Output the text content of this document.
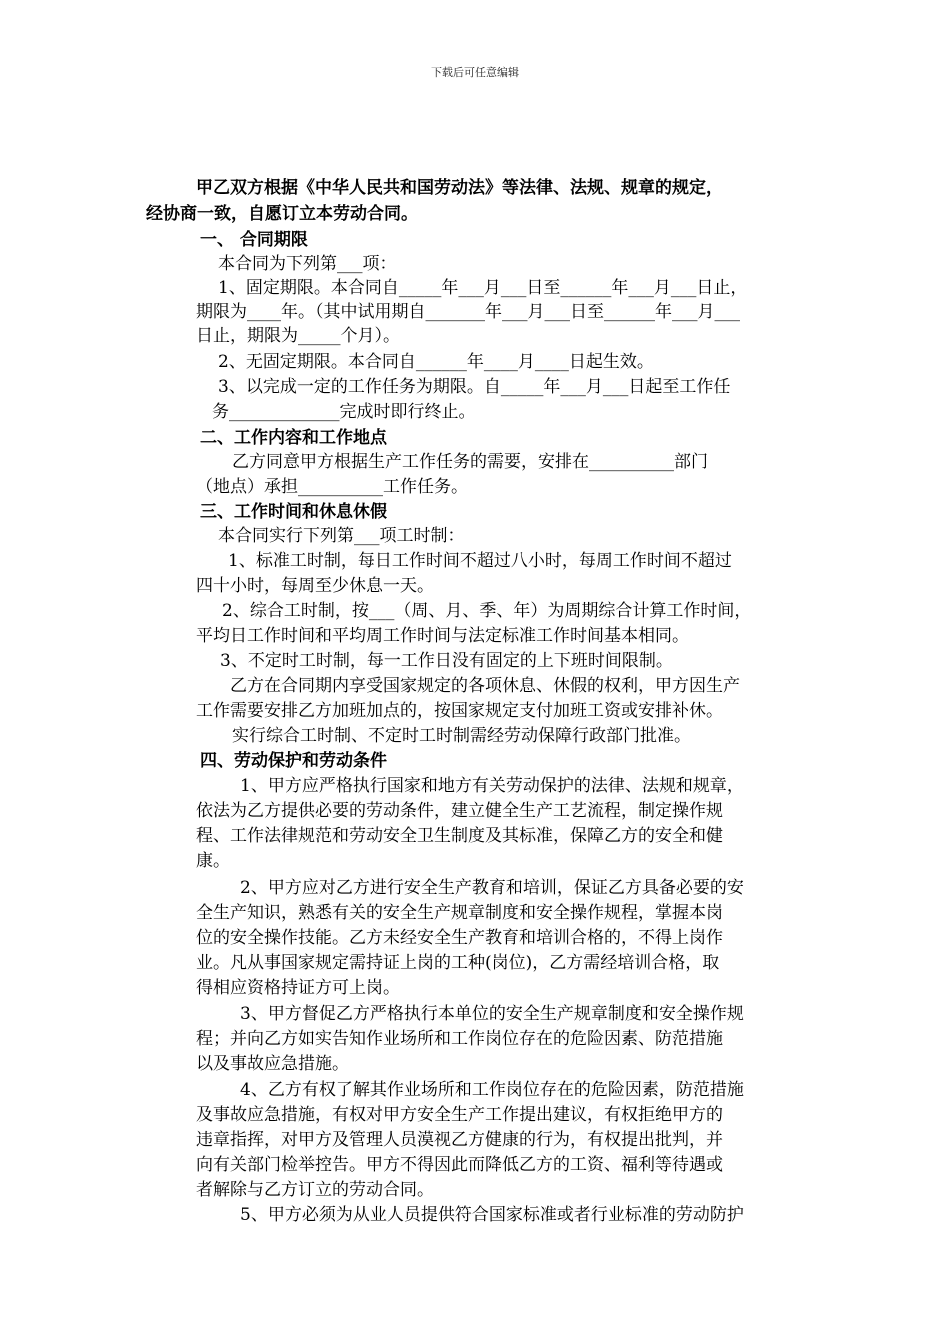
下载后可任意编辑
甲乙双方根据《中华人民共和国劳动法》等法律、法规、规章的规定，
经协商一致，自愿订立本劳动合同。
一、 合同期限
本合同为下列第___项：
1、固定期限。本合同自_____年___月___日至______年___月___日止，
期限为____年。（其中试用期自_______年___月___日至______年___月___
日止，期限为_____个月）。
2、无固定期限。本合同自______年____月____日起生效。
3、以完成一定的工作任务为期限。自_____年___月___日起至工作任
务_____________完成时即行终止。
二、工作内容和工作地点
乙方同意甲方根据生产工作任务的需要，安排在__________部门
（地点）承担__________工作任务。
三、工作时间和休息休假
本合同实行下列第___项工时制：
1、标准工时制，每日工作时间不超过八小时，每周工作时间不超过
四十小时，每周至少休息一天。
2、综合工时制，按___（周、月、季、年）为周期综合计算工作时间，
平均日工作时间和平均周工作时间与法定标准工作时间基本相同。
3、不定时工时制，每一工作日没有固定的上下班时间限制。
乙方在合同期内享受国家规定的各项休息、休假的权利，甲方因生产
工作需要安排乙方加班加点的，按国家规定支付加班工资或安排补休。
实行综合工时制、不定时工时制需经劳动保障行政部门批准。
四、劳动保护和劳动条件
1、甲方应严格执行国家和地方有关劳动保护的法律、法规和规章，
依法为乙方提供必要的劳动条件，建立健全生产工艺流程，制定操作规
程、工作法律规范和劳动安全卫生制度及其标准，保障乙方的安全和健
康。
2、甲方应对乙方进行安全生产教育和培训，保证乙方具备必要的安
全生产知识，熟悉有关的安全生产规章制度和安全操作规程，掌握本岗
位的安全操作技能。乙方未经安全生产教育和培训合格的，不得上岗作
业。凡从事国家规定需持证上岗的工种(岗位)，乙方需经培训合格，取
得相应资格持证方可上岗。
3、甲方督促乙方严格执行本单位的安全生产规章制度和安全操作规
程；并向乙方如实告知作业场所和工作岗位存在的危险因素、防范措施
以及事故应急措施。
4、乙方有权了解其作业场所和工作岗位存在的危险因素，防范措施
及事故应急措施，有权对甲方安全生产工作提出建议，有权拒绝甲方的
违章指挥，对甲方及管理人员漠视乙方健康的行为，有权提出批判，并
向有关部门检举控告。甲方不得因此而降低乙方的工资、福利等待遇或
者解除与乙方订立的劳动合同。
5、甲方必须为从业人员提供符合国家标准或者行业标准的劳动防护
